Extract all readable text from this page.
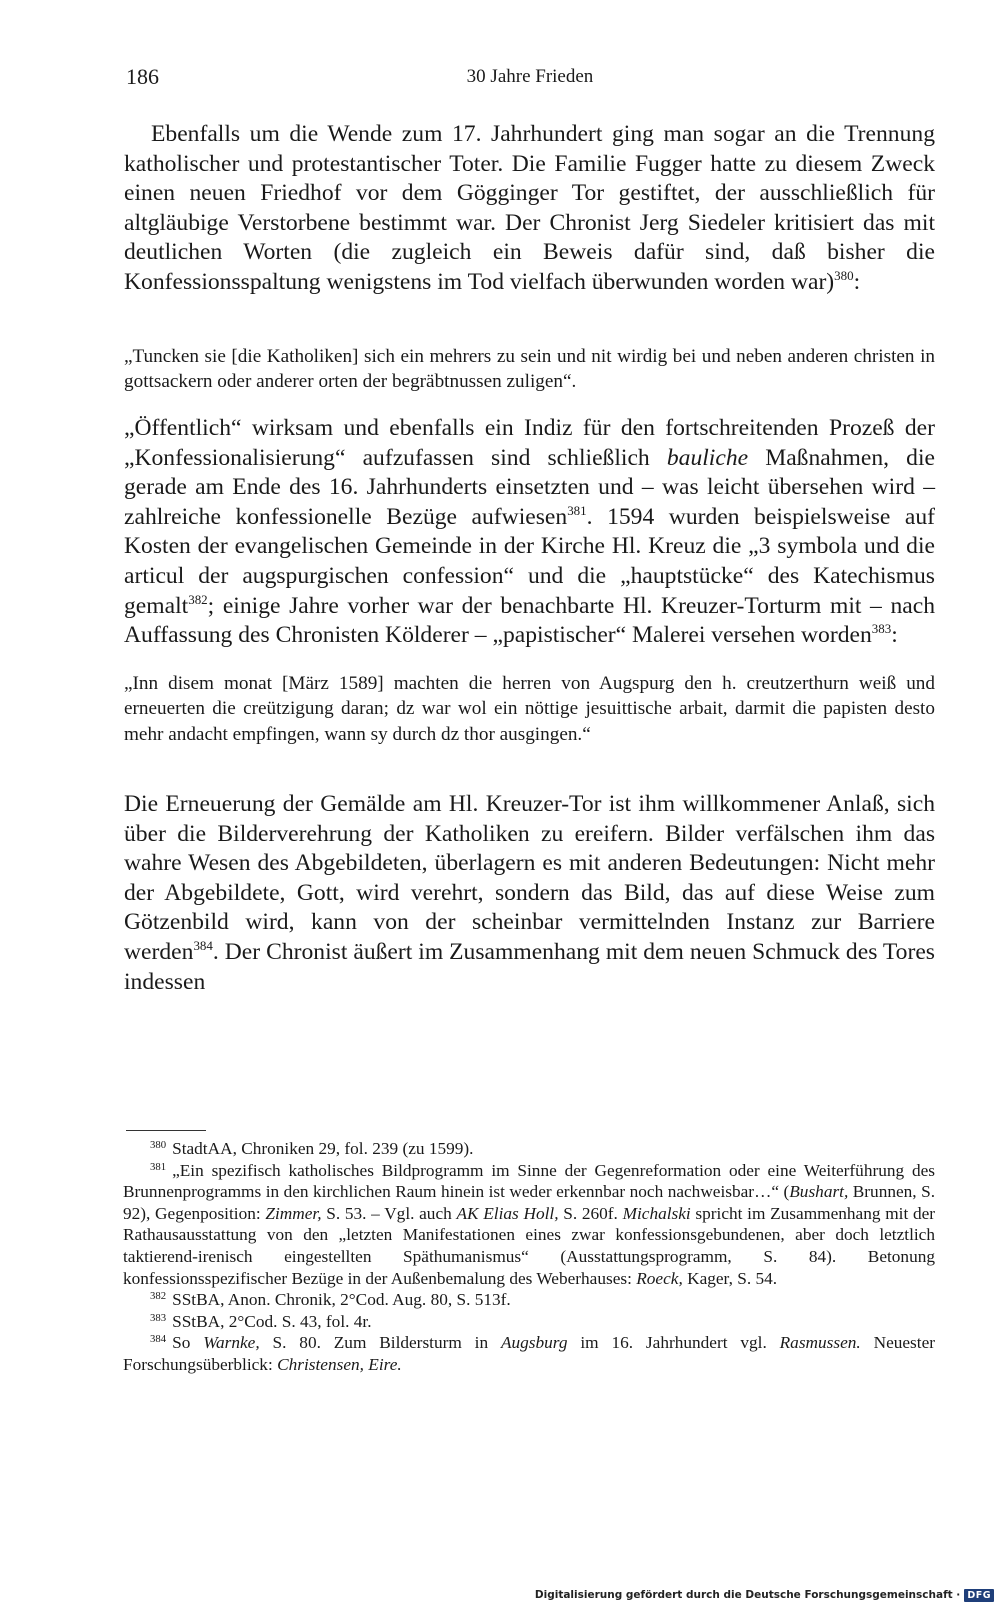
186	30 Jahre Frieden

Ebenfalls um die Wende zum 17. Jahrhundert ging man sogar an die Trennung katholischer und protestantischer Toter. Die Familie Fugger hatte zu diesem Zweck einen neuen Friedhof vor dem Gögginger Tor gestiftet, der ausschließlich für altgläubige Verstorbene bestimmt war. Der Chronist Jerg Siedeler kritisiert das mit deutlichen Worten (die zugleich ein Beweis dafür sind, daß bisher die Konfessionsspaltung wenigstens im Tod vielfach überwunden worden war)$^{380}$:

„Tuncken sie [die Katholiken] sich ein mehrers zu sein und nit wirdig bei und neben anderen christen in gottsackern oder anderer orten der begräbtnussen zuligen“.

„Öffentlich“ wirksam und ebenfalls ein Indiz für den fortschreitenden Prozeß der „Konfessionalisierung“ aufzufassen sind schließlich bauliche Maßnahmen, die gerade am Ende des 16. Jahrhunderts einsetzten und – was leicht übersehen wird – zahlreiche konfessionelle Bezüge aufwiesen$^{381}$. 1594 wurden beispielsweise auf Kosten der evangelischen Gemeinde in der Kirche Hl. Kreuz die „3 symbola und die articul der augspurgischen confession“ und die „hauptstücke“ des Katechismus gemalt$^{382}$; einige Jahre vorher war der benachbarte Hl. Kreuzer-Torturm mit – nach Auffassung des Chronisten Kölderer – „papistischer“ Malerei versehen worden$^{383}$:

„Inn disem monat [März 1589] machten die herren von Augspurg den h. creutzerthurn weiß und erneuerten die creützigung daran; dz war wol ein nöttige jesuittische arbait, darmit die papisten desto mehr andacht empfingen, wann sy durch dz thor ausgingen.“

Die Erneuerung der Gemälde am Hl. Kreuzer-Tor ist ihm willkommener Anlaß, sich über die Bilderverehrung der Katholiken zu ereifern. Bilder verfälschen ihm das wahre Wesen des Abgebildeten, überlagern es mit anderen Bedeutungen: Nicht mehr der Abgebildete, Gott, wird verehrt, sondern das Bild, das auf diese Weise zum Götzenbild wird, kann von der scheinbar vermittelnden Instanz zur Barriere werden$^{384}$. Der Chronist äußert im Zusammenhang mit dem neuen Schmuck des Tores indessen

$^{380}$ StadtAA, Chroniken 29, fol. 239 (zu 1599).

$^{381}$ „Ein spezifisch katholisches Bildprogramm im Sinne der Gegenreformation oder eine Weiterführung des Brunnenprogramms in den kirchlichen Raum hinein ist weder erkennbar noch nachweisbar…“ (Bushart, Brunnen, S. 92), Gegenposition: Zimmer, S. 53. – Vgl. auch AK Elias Holl, S. 260f. Michalski spricht im Zusammenhang mit der Rathausausstattung von den „letzten Manifestationen eines zwar konfessionsgebundenen, aber doch letztlich taktierend-irenisch eingestellten Späthumanismus“ (Ausstattungsprogramm, S. 84). Betonung konfessionsspezifischer Bezüge in der Außenbemalung des Weberhauses: Roeck, Kager, S. 54.

$^{382}$ SStBA, Anon. Chronik, 2°Cod. Aug. 80, S. 513f.

$^{383}$ SStBA, 2°Cod. S. 43, fol. 4r.

$^{384}$ So Warnke, S. 80. Zum Bildersturm in Augsburg im 16. Jahrhundert vgl. Rasmussen. Neuester Forschungsüberblick: Christensen, Eire.

Digitalisierung gefördert durch die Deutsche Forschungsgemeinschaft · DFG
